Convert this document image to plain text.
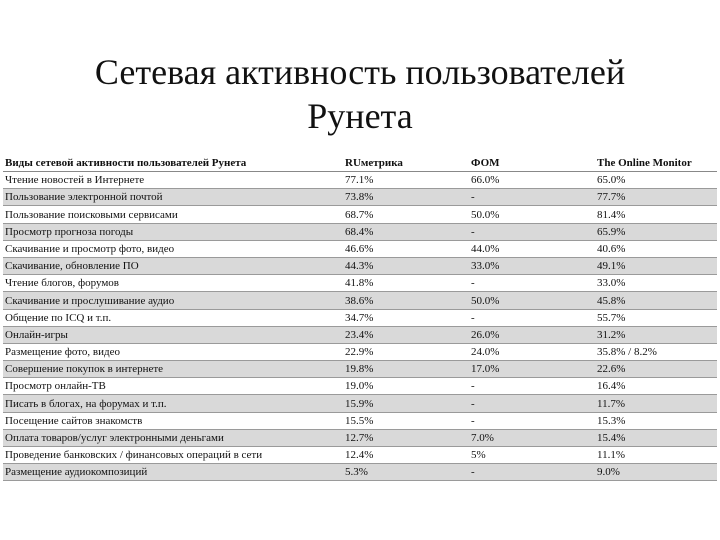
Сетевая активность пользователей
Рунета
Виды сетевой активности пользователей Рунета	RUметрика	ФОМ	The Online Monitor
Чтение новостей в Интернете	77.1%	66.0%	65.0%
Пользование электронной почтой	73.8%	-	77.7%
Пользование поисковыми сервисами	68.7%	50.0%	81.4%
Просмотр прогноза погоды	68.4%	-	65.9%
Скачивание и просмотр фото, видео	46.6%	44.0%	40.6%
Скачивание, обновление ПО	44.3%	33.0%	49.1%
Чтение блогов, форумов	41.8%	-	33.0%
Скачивание и прослушивание аудио	38.6%	50.0%	45.8%
Общение по ICQ и т.п.	34.7%	-	55.7%
Онлайн-игры	23.4%	26.0%	31.2%
Размещение фото, видео	22.9%	24.0%	35.8% / 8.2%
Совершение покупок в интернете	19.8%	17.0%	22.6%
Просмотр онлайн-ТВ	19.0%	-	16.4%
Писать в блогах, на форумах и т.п.	15.9%	-	11.7%
Посещение сайтов знакомств	15.5%	-	15.3%
Оплата товаров/услуг электронными деньгами	12.7%	7.0%	15.4%
Проведение банковских / финансовых операций в сети	12.4%	5%	11.1%
Размещение аудиокомпозиций	5.3%	-	9.0%
